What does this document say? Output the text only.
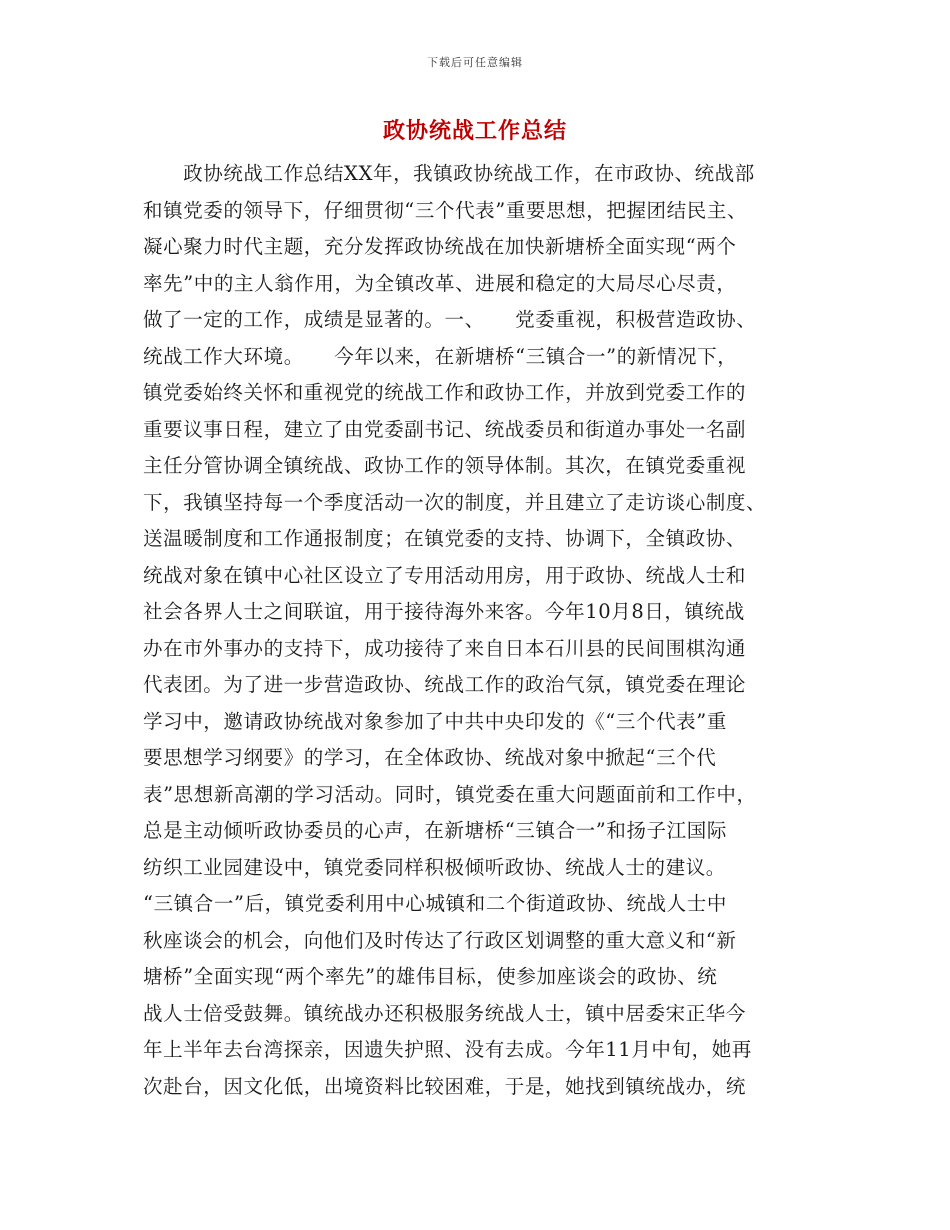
下载后可任意编辑
政协统战工作总结
　　政协统战工作总结XX年，我镇政协统战工作，在市政协、统战部
和镇党委的领导下，仔细贯彻“三个代表”重要思想，把握团结民主、
凝心聚力时代主题，充分发挥政协统战在加快新塘桥全面实现“两个
率先”中的主人翁作用，为全镇改革、进展和稳定的大局尽心尽责，
做了一定的工作，成绩是显著的。一、　　党委重视，积极营造政协、
统战工作大环境。　　今年以来，在新塘桥“三镇合一”的新情况下，
镇党委始终关怀和重视党的统战工作和政协工作，并放到党委工作的
重要议事日程，建立了由党委副书记、统战委员和街道办事处一名副
主任分管协调全镇统战、政协工作的领导体制。其次，在镇党委重视
下，我镇坚持每一个季度活动一次的制度，并且建立了走访谈心制度、
送温暖制度和工作通报制度；在镇党委的支持、协调下，全镇政协、
统战对象在镇中心社区设立了专用活动用房，用于政协、统战人士和
社会各界人士之间联谊，用于接待海外来客。今年10月8日，镇统战
办在市外事办的支持下，成功接待了来自日本石川县的民间围棋沟通
代表团。为了进一步营造政协、统战工作的政治气氛，镇党委在理论
学习中，邀请政协统战对象参加了中共中央印发的《“三个代表”重
要思想学习纲要》的学习，在全体政协、统战对象中掀起“三个代
表”思想新高潮的学习活动。同时，镇党委在重大问题面前和工作中，
总是主动倾听政协委员的心声，在新塘桥“三镇合一”和扬子江国际
纺织工业园建设中，镇党委同样积极倾听政协、统战人士的建议。
“三镇合一”后，镇党委利用中心城镇和二个街道政协、统战人士中
秋座谈会的机会，向他们及时传达了行政区划调整的重大意义和“新
塘桥”全面实现“两个率先”的雄伟目标，使参加座谈会的政协、统
战人士倍受鼓舞。镇统战办还积极服务统战人士，镇中居委宋正华今
年上半年去台湾探亲，因遗失护照、没有去成。今年11月中旬，她再
次赴台，因文化低，出境资料比较困难，于是，她找到镇统战办，统
